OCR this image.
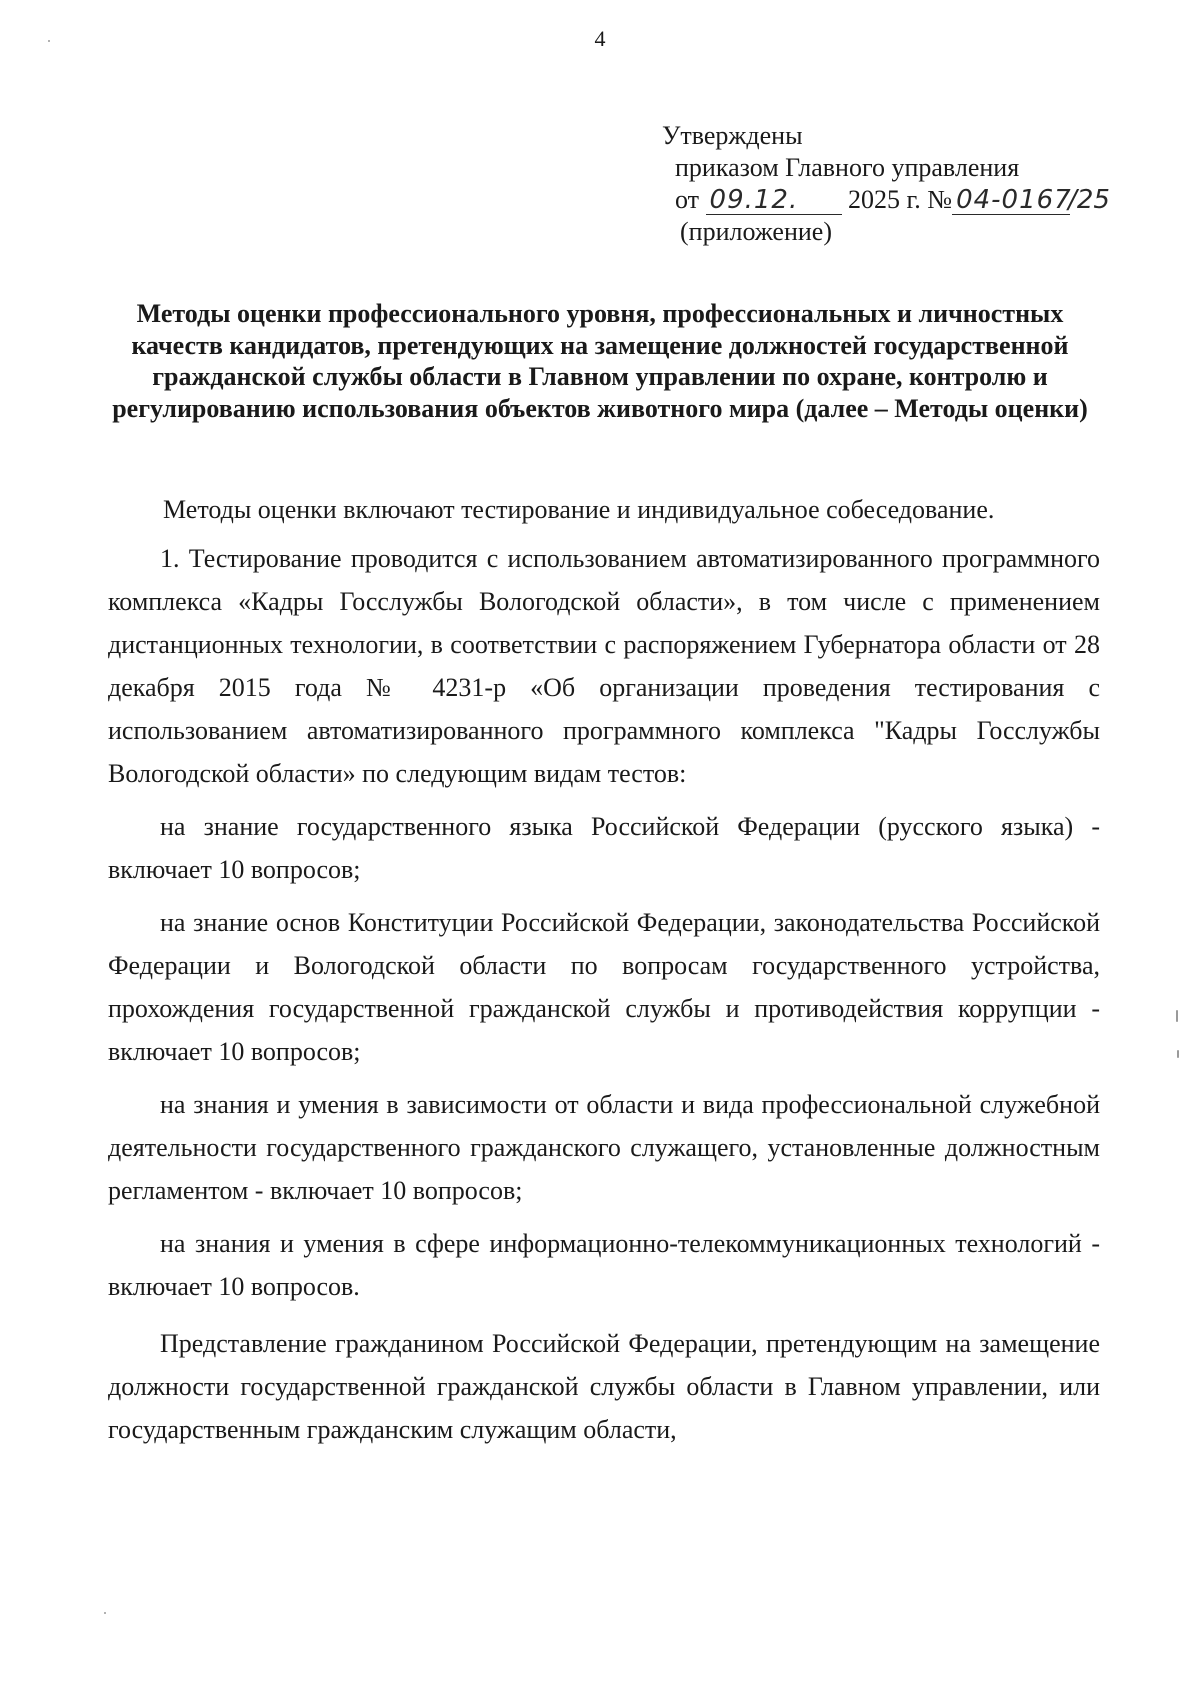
4
Утверждены
приказом Главного управления
от 09.12. 2025 г. № 04-0167/25
(приложение)
Методы оценки профессионального уровня, профессиональных и личностных качеств кандидатов, претендующих на замещение должностей государственной гражданской службы области в Главном управлении по охране, контролю и регулированию использования объектов животного мира (далее – Методы оценки)

Методы оценки включают тестирование и индивидуальное собеседование.

1. Тестирование проводится с использованием автоматизированного программного комплекса «Кадры Госслужбы Вологодской области», в том числе с применением дистанционных технологии, в соответствии с распоряжением Губернатора области от 28 декабря 2015 года № 4231-р «Об организации проведения тестирования с использованием автоматизированного программного комплекса "Кадры Госслужбы Вологодской области» по следующим видам тестов:

на знание государственного языка Российской Федерации (русского языка) - включает 10 вопросов;

на знание основ Конституции Российской Федерации, законодательства Российской Федерации и Вологодской области по вопросам государственного устройства, прохождения государственной гражданской службы и противодействия коррупции - включает 10 вопросов;

на знания и умения в зависимости от области и вида профессиональной служебной деятельности государственного гражданского служащего, установленные должностным регламентом - включает 10 вопросов;

на знания и умения в сфере информационно-телекоммуникационных технологий - включает 10 вопросов.

Представление гражданином Российской Федерации, претендующим на замещение должности государственной гражданской службы области в Главном управлении, или государственным гражданским служащим области,
